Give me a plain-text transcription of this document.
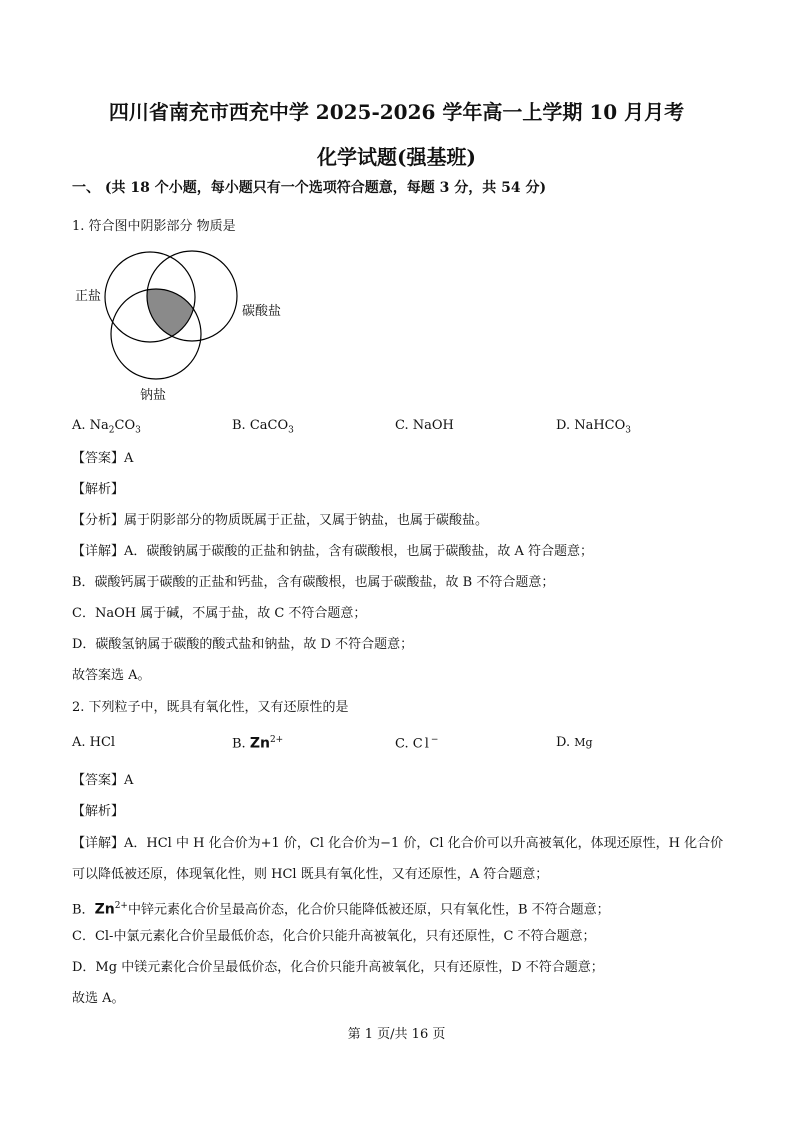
四川省南充市西充中学 2025-2026 学年高一上学期 10 月月考
化学试题(强基班)
一、 (共 18 个小题，每小题只有一个选项符合题意，每题 3 分，共 54 分)
1. 符合图中阴影部分 物质是
正盐
碳酸盐
钠盐
A. $Na_2CO_3$	B. CaCO$_3$	C. NaOH	D. NaHCO$_3$
【答案】A
【解析】
【分析】属于阴影部分的物质既属于正盐，又属于钠盐，也属于碳酸盐。
【详解】A．碳酸钠属于碳酸的正盐和钠盐，含有碳酸根，也属于碳酸盐，故 A 符合题意；
B．碳酸钙属于碳酸的正盐和钙盐，含有碳酸根，也属于碳酸盐，故 B 不符合题意；
C．NaOH 属于碱，不属于盐，故 C 不符合题意；
D．碳酸氢钠属于碳酸的酸式盐和钠盐，故 D 不符合题意；
故答案选 A。
2. 下列粒子中，既具有氧化性，又有还原性的是
A. HCl	B. $Zn^{2+}$	C. Cl−	D. Mg
【答案】A
【解析】
【详解】A．HCl 中 H 化合价为+1 价，Cl 化合价为−1 价，Cl 化合价可以升高被氧化，体现还原性，H 化合价可以降低被还原，体现氧化性，则 HCl 既具有氧化性，又有还原性，A 符合题意；
B．$Zn^{2+}$中锌元素化合价呈最高价态，化合价只能降低被还原，只有氧化性，B 不符合题意；
C．Cl-中氯元素化合价呈最低价态，化合价只能升高被氧化，只有还原性，C 不符合题意；
D．Mg 中镁元素化合价呈最低价态，化合价只能升高被氧化，只有还原性，D 不符合题意；
故选 A。
第 1 页/共 16 页
